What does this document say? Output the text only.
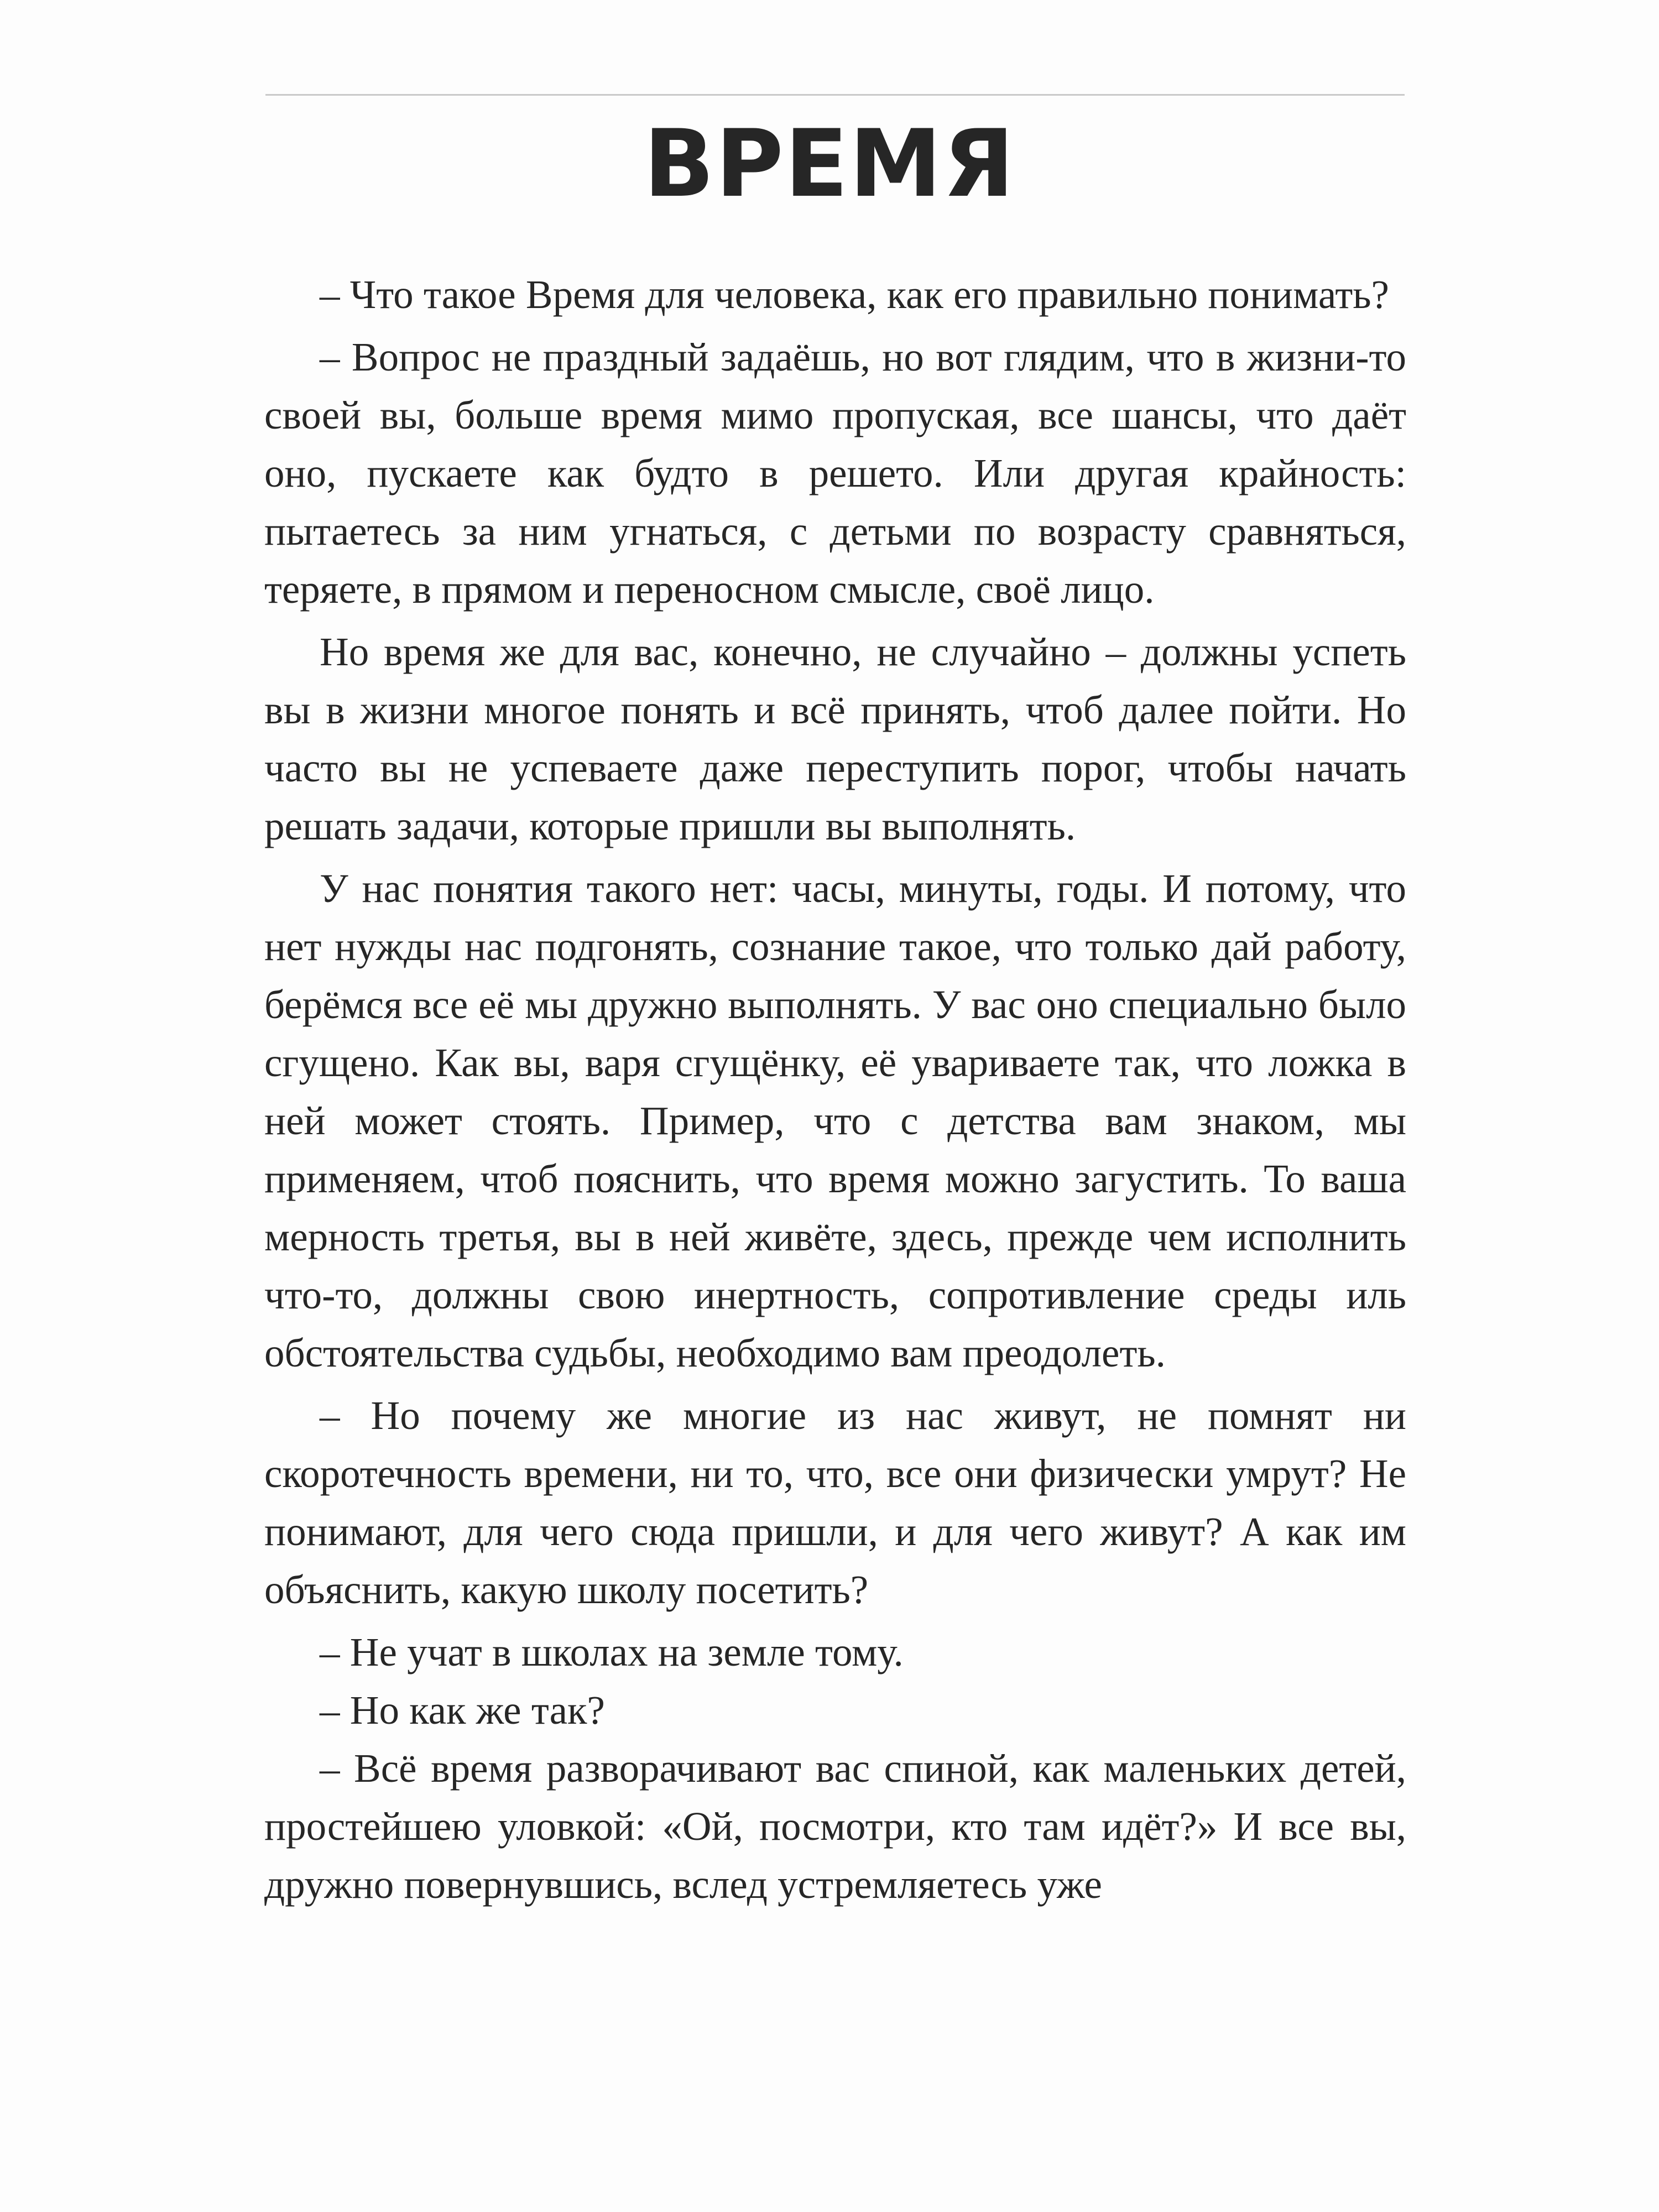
ВРЕМЯ

– Что такое Время для человека, как его правильно понимать?

– Вопрос не праздный задаёшь, но вот глядим, что в жизни-то своей вы, больше время мимо пропуская, все шансы, что даёт оно, пускаете как будто в решето. Или другая крайность: пытаетесь за ним угнаться, с детьми по возрасту сравняться, теряете, в прямом и переносном смысле, своё лицо.

Но время же для вас, конечно, не случайно – должны успеть вы в жизни многое понять и всё принять, чтоб далее пойти. Но часто вы не успеваете даже переступить порог, чтобы начать решать задачи, которые пришли вы выполнять.

У нас понятия такого нет: часы, минуты, годы. И потому, что нет нужды нас подгонять, сознание такое, что только дай работу, берёмся все её мы дружно выполнять. У вас оно специально было сгущено. Как вы, варя сгущёнку, её увариваете так, что ложка в ней может стоять. Пример, что с детства вам знаком, мы применяем, чтоб пояснить, что время можно загустить. То ваша мерность третья, вы в ней живёте, здесь, прежде чем исполнить что-то, должны свою инертность, сопротивление среды иль обстоятельства судьбы, необходимо вам преодолеть.

– Но почему же многие из нас живут, не помнят ни скоротечность времени, ни то, что, все они физически умрут? Не понимают, для чего сюда пришли, и для чего живут? А как им объяснить, какую школу посетить?

– Не учат в школах на земле тому.

– Но как же так?

– Всё время разворачивают вас спиной, как маленьких детей, простейшею уловкой: «Ой, посмотри, кто там идёт?» И все вы, дружно повернувшись, вслед устремляетесь уже
